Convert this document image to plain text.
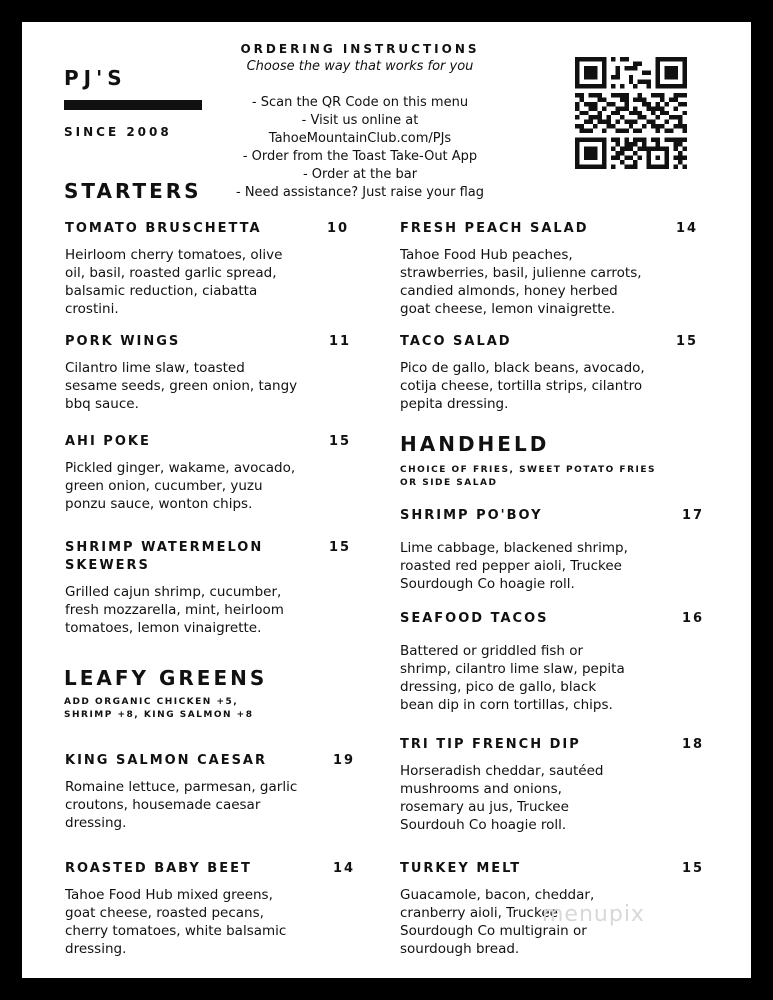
PJ'S
SINCE 2008
ORDERING INSTRUCTIONS
Choose the way that works for you
- Scan the QR Code on this menu
- Visit us online at
TahoeMountainClub.com/PJs
- Order from the Toast Take-Out App
- Order at the bar
- Need assistance? Just raise your flag
STARTERS
TOMATO BRUSCHETTA	10
Heirloom cherry tomatoes, olive
oil, basil, roasted garlic spread,
balsamic reduction, ciabatta
crostini.
PORK WINGS	11
Cilantro lime slaw, toasted
sesame seeds, green onion, tangy
bbq sauce.
AHI POKE	15
Pickled ginger, wakame, avocado,
green onion, cucumber, yuzu
ponzu sauce, wonton chips.
SHRIMP WATERMELON
SKEWERS
15
Grilled cajun shrimp, cucumber,
fresh mozzarella, mint, heirloom
tomatoes, lemon vinaigrette.
LEAFY GREENS
ADD ORGANIC CHICKEN +5,
SHRIMP +8, KING SALMON +8
KING SALMON CAESAR	19
Romaine lettuce, parmesan, garlic
croutons, housemade caesar
dressing.
ROASTED BABY BEET	14
Tahoe Food Hub mixed greens,
goat cheese, roasted pecans,
cherry tomatoes, white balsamic
dressing.
FRESH PEACH SALAD	14
Tahoe Food Hub peaches,
strawberries, basil, julienne carrots,
candied almonds, honey herbed
goat cheese, lemon vinaigrette.
TACO SALAD	15
Pico de gallo, black beans, avocado,
cotija cheese, tortilla strips, cilantro
pepita dressing.
HANDHELD
CHOICE OF FRIES, SWEET POTATO FRIES
OR SIDE SALAD
SHRIMP PO'BOY	17
Lime cabbage, blackened shrimp,
roasted red pepper aioli, Truckee
Sourdough Co hoagie roll.
SEAFOOD TACOS	16
Battered or griddled fish or
shrimp, cilantro lime slaw, pepita
dressing, pico de gallo, black
bean dip in corn tortillas, chips.
TRI TIP FRENCH DIP	18
Horseradish cheddar, sautéed
mushrooms and onions,
rosemary au jus, Truckee
Sourdouh Co hoagie roll.
TURKEY MELT	15
Guacamole, bacon, cheddar,
cranberry aioli, Truckee
Sourdough Co multigrain or
sourdough bread.
menupix
